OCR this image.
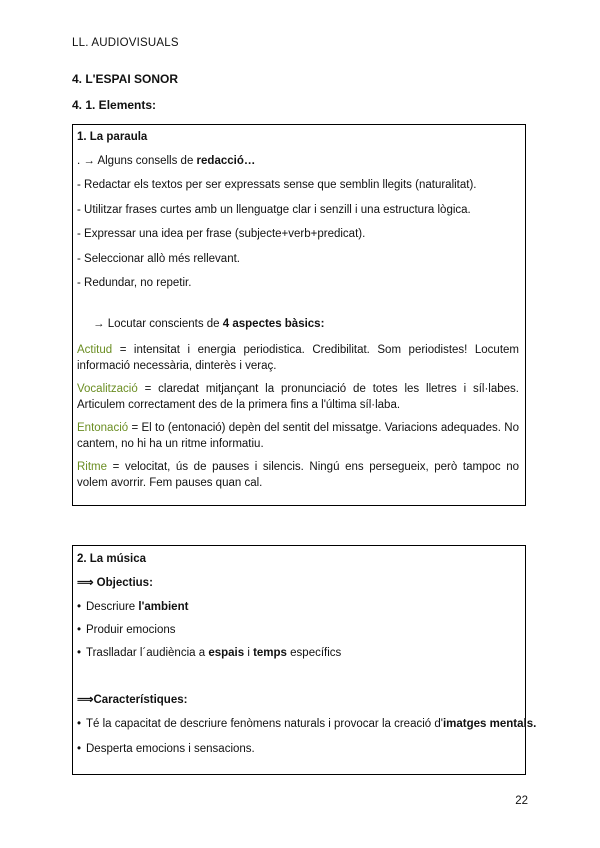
LL. AUDIOVISUALS
4. L'ESPAI SONOR
4. 1. Elements:
1. La paraula
. → Alguns consells de redacció…
- Redactar els textos per ser expressats sense que semblin llegits (naturalitat).
- Utilitzar frases curtes amb un llenguatge clar i senzill i una estructura lògica.
- Expressar una idea per frase (subjecte+verb+predicat).
- Seleccionar allò més rellevant.
- Redundar, no repetir.
→ Locutar conscients de 4 aspectes bàsics:
Actitud = intensitat i energia periodistica. Credibilitat. Som periodistes! Locutem informació necessària, dinterès i veraç.
Vocalització = claredat mitjançant la pronunciació de totes les lletres i síl·labes. Articulem correctament des de la primera fins a l'última síl·laba.
Entonació = El to (entonació) depèn del sentit del missatge. Variacions adequades. No cantem, no hi ha un ritme informatiu.
Ritme = velocitat, ús de pauses i silencis. Ningú ens persegueix, però tampoc no volem avorrir. Fem pauses quan cal.
2. La música
⟹ Objectius:
• Descriure l'ambient
• Produir emocions
• Traslladar l´audiència a espais i temps específics
⟹Característiques:
• Té la capacitat de descriure fenòmens naturals i provocar la creació d'imatges mentals.
• Desperta emocions i sensacions.
22
